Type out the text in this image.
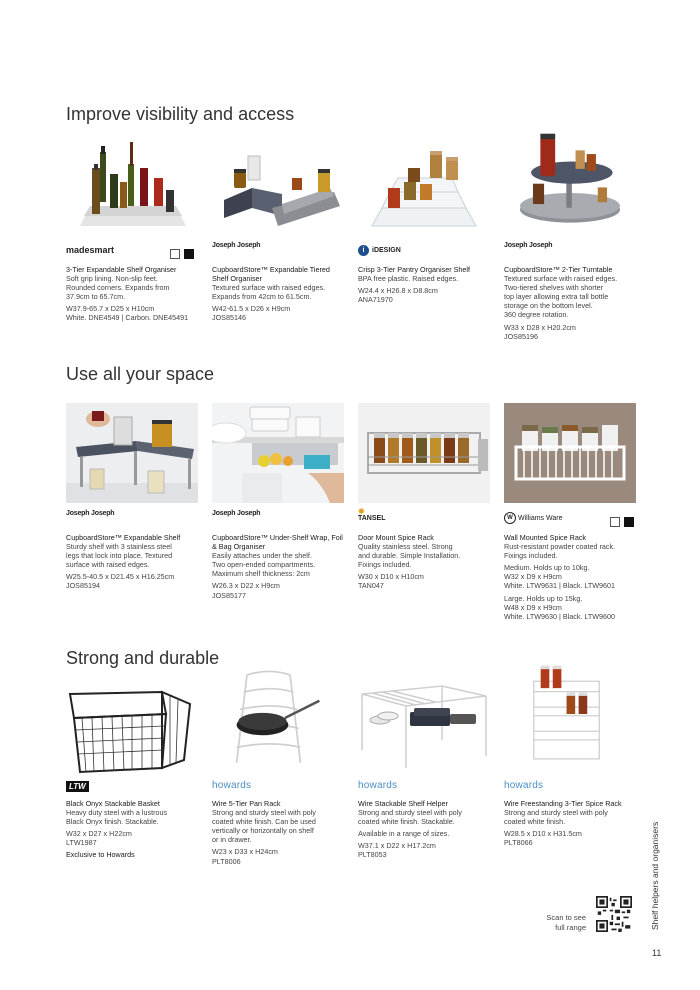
Improve visibility and access
Use all your space
Strong and durable
madesmart
3-Tier Expandable Shelf Organiser
Soft grip lining. Non-slip feet.
Rounded corners. Expands from
37.9cm to 65.7cm.
W37.9-65.7 x D25 x H10cm
White. DNE4549 | Carbon. DNE45491
Joseph Joseph
CupboardStore™ Expandable Tiered Shelf Organiser
Textured surface with raised edges.
Expands from 42cm to 61.5cm.
W42-61.5 x D26 x H9cm
JOS85146
i	iDESIGN
Crisp 3-Tier Pantry Organiser Shelf
BPA free plastic. Raised edges.
W24.4 x H26.8 x D8.8cm
ANA71970
Joseph Joseph
CupboardStore™ 2-Tier Turntable
Textured surface with raised edges.
Two-tiered shelves with shorter
top layer allowing extra tall bottle
storage on the bottom level.
360 degree rotation.
W33 x D28 x H20.2cm
JOS85196
Joseph Joseph
CupboardStore™ Expandable Shelf
Sturdy shelf with 3 stainless steel
legs that lock into place. Textured
surface with raised edges.
W25.5-40.5 x D21.45 x H16.25cm
JOS85194
Joseph Joseph
CupboardStore™ Under-Shelf Wrap, Foil & Bag Organiser
Easily attaches under the shelf.
Two open-ended compartments.
Maximum shelf thickness: 2cm
W26.3 x D22 x H9cm
JOS85177
✸
TANSEL
Door Mount Spice Rack
Quality stainless steel. Strong
and durable. Simple Installation.
Fixings included.
W30 x D10 x H10cm
TAN047
W Williams Ware
Wall Mounted Spice Rack
Rust-resistant powder coated rack.
Fixings included.
Medium. Holds up to 10kg.
W32 x D9 x H9cm
White. LTW9631 | Black. LTW9601
Large. Holds up to 15kg.
W48 x D9 x H9cm
White. LTW9630 | Black. LTW9600
LTW
Black Onyx Stackable Basket
Heavy duty steel with a lustrous
Black Onyx finish. Stackable.
W32 x D27 x H22cm
LTW1987
Exclusive to Howards
howards
Wire 5-Tier Pan Rack
Strong and sturdy steel with poly
coated white finish. Can be used
vertically or horizontally on shelf
or in drawer.
W23 x D33 x H24cm
PLT8006
howards
Wire Stackable Shelf Helper
Strong and sturdy steel with poly
coated white finish. Stackable.
Available in a range of sizes.
W37.1 x D22 x H17.2cm
PLT8053
howards
Wire Freestanding 3-Tier Spice Rack
Strong and sturdy steel with poly
coated white finish.
W28.5 x D10 x H31.5cm
PLT8066
Scan to see full range	Shelf helpers and organisers
11
